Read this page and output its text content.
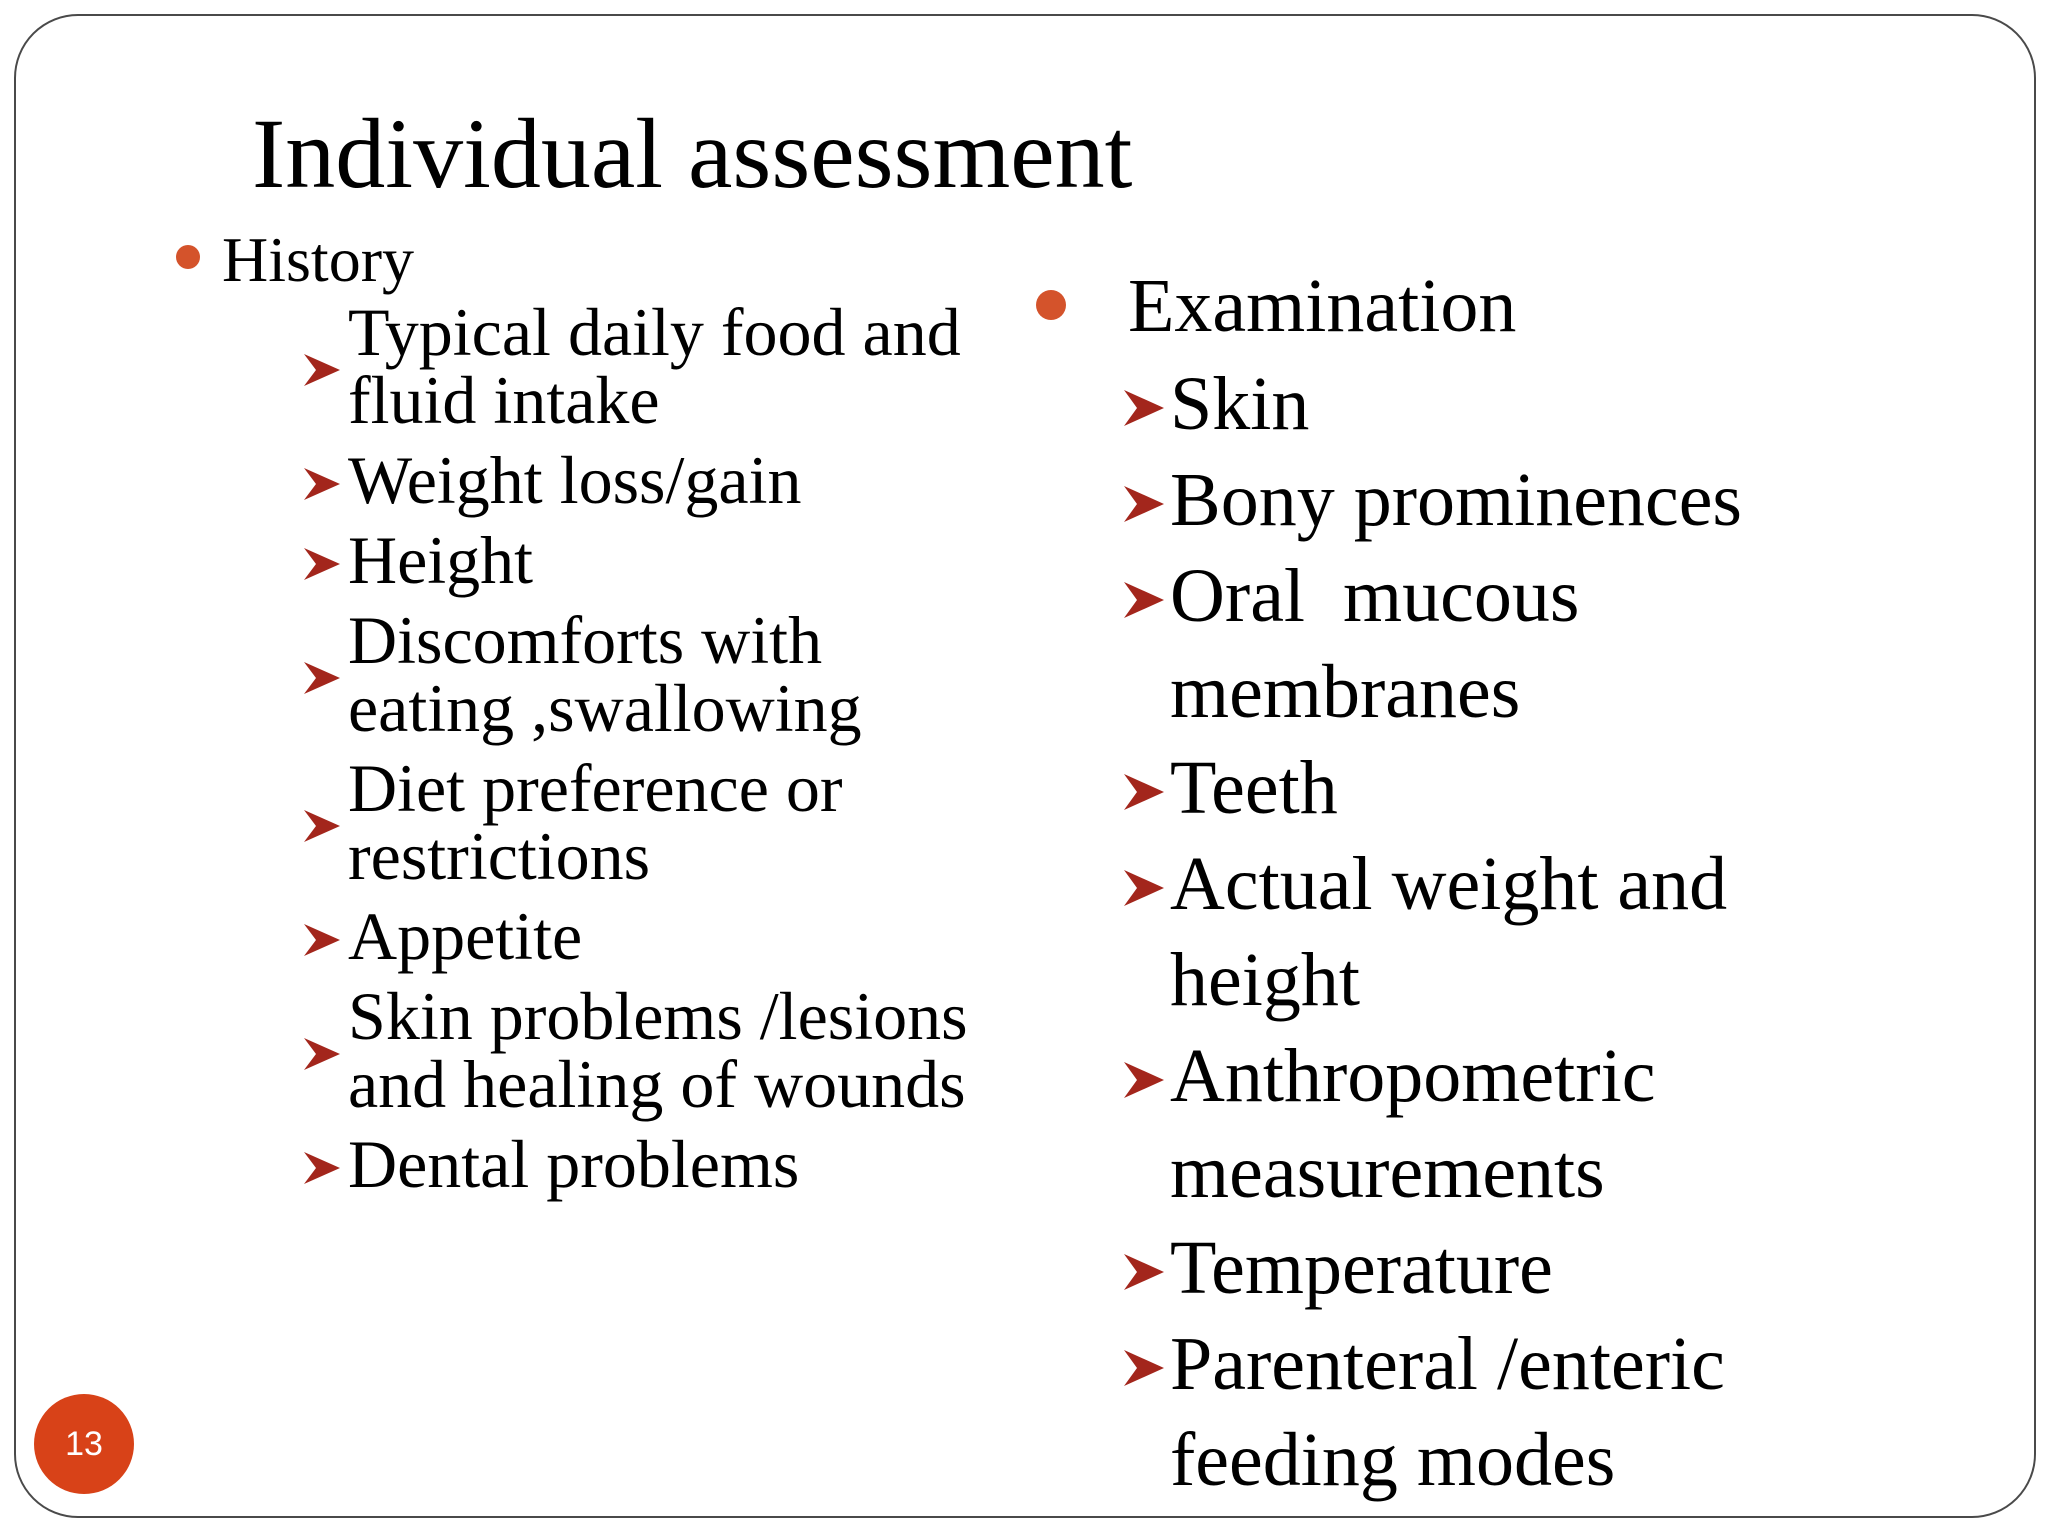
Individual assessment
History
Typical daily food and
fluid intake
Weight loss/gain
Height
Discomforts with
eating ,swallowing
Diet preference or
restrictions
Appetite
Skin problems /lesions
and healing of wounds
Dental problems
Examination
Skin
Bony prominences
Oral  mucous
membranes
Teeth
Actual weight and
height
Anthropometric
measurements
Temperature
Parenteral /enteric
feeding modes
13
